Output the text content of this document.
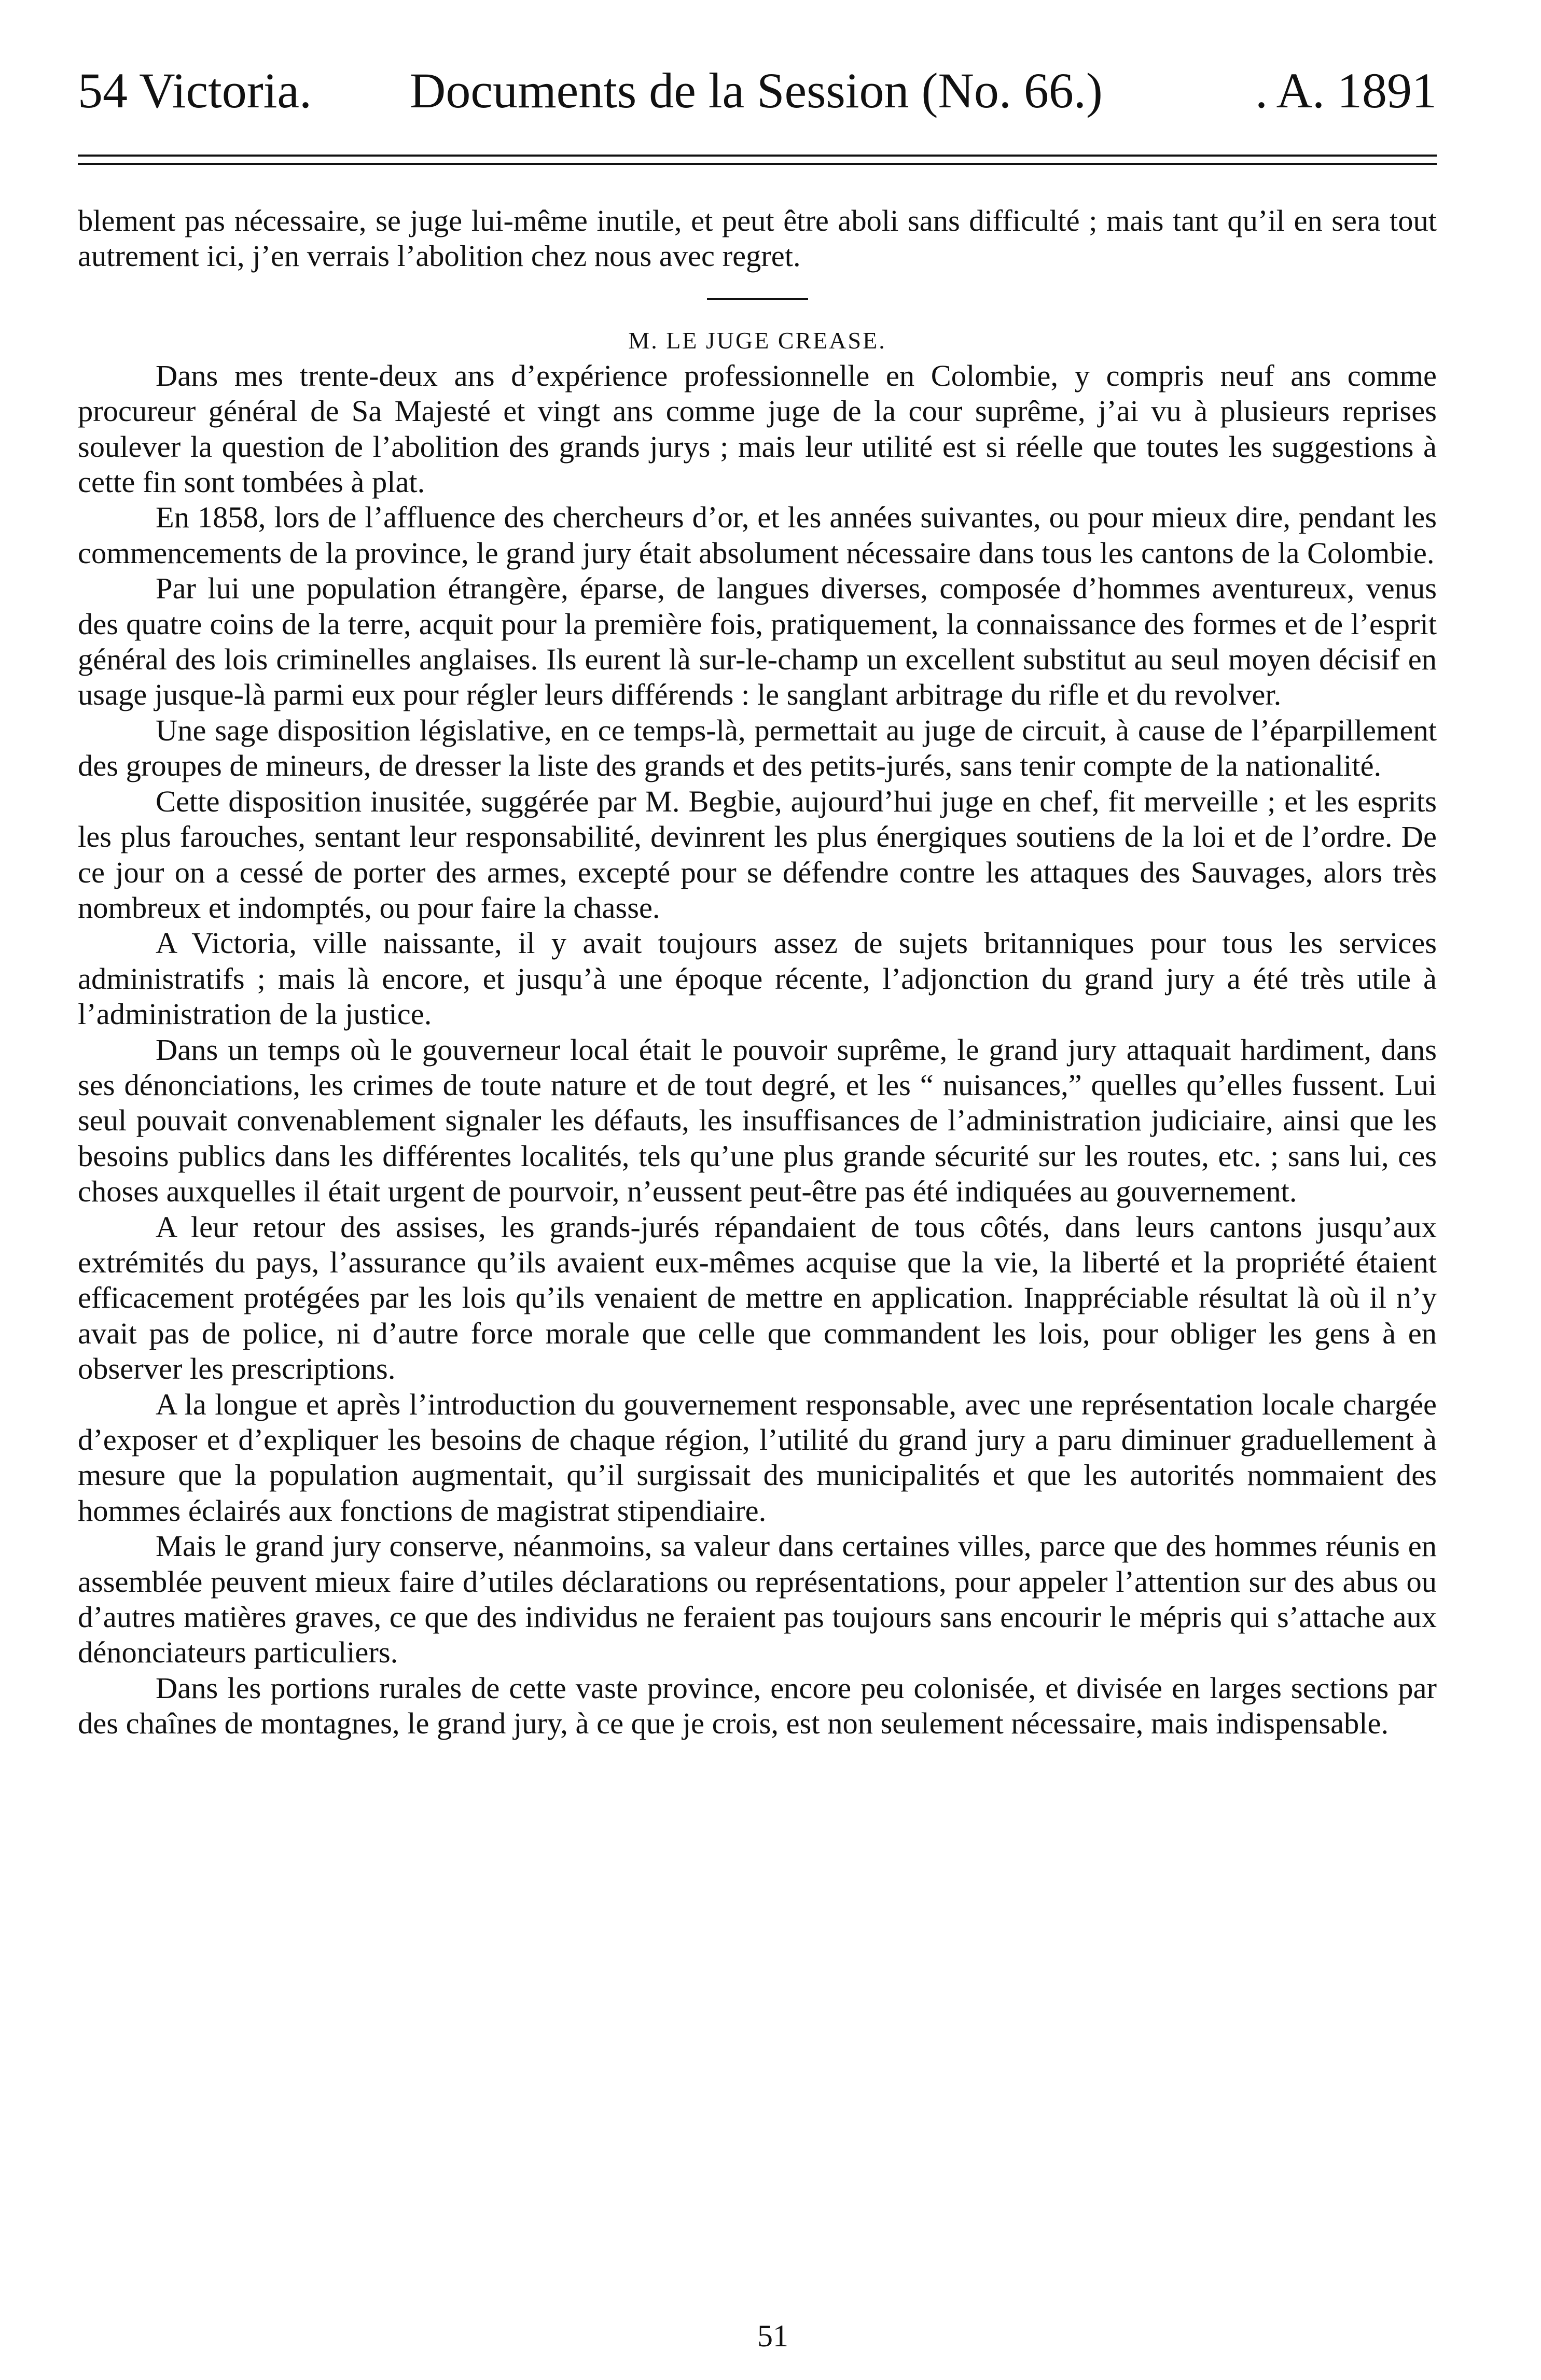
54 Victoria. Documents de la Session (No. 66.)	. A. 1891

blement pas nécessaire, se juge lui-même inutile, et peut être aboli sans difficulté ; mais tant qu’il en sera tout autrement ici, j’en verrais l’abolition chez nous avec regret.

M. LE JUGE CREASE.

Dans mes trente-deux ans d’expérience professionnelle en Colombie, y compris neuf ans comme procureur général de Sa Majesté et vingt ans comme juge de la cour suprême, j’ai vu à plusieurs reprises soulever la question de l’abolition des grands jurys ; mais leur utilité est si réelle que toutes les suggestions à cette fin sont tombées à plat.

En 1858, lors de l’affluence des chercheurs d’or, et les années suivantes, ou pour mieux dire, pendant les commencements de la province, le grand jury était absolument nécessaire dans tous les cantons de la Colombie.

Par lui une population étrangère, éparse, de langues diverses, composée d’hommes aventureux, venus des quatre coins de la terre, acquit pour la première fois, pratiquement, la connaissance des formes et de l’esprit général des lois criminelles anglaises. Ils eurent là sur-le-champ un excellent substitut au seul moyen décisif en usage jusque-là parmi eux pour régler leurs différends : le sanglant arbitrage du rifle et du revolver.

Une sage disposition législative, en ce temps-là, permettait au juge de circuit, à cause de l’éparpillement des groupes de mineurs, de dresser la liste des grands et des petits-jurés, sans tenir compte de la nationalité.

Cette disposition inusitée, suggérée par M. Begbie, aujourd’hui juge en chef, fit merveille ; et les esprits les plus farouches, sentant leur responsabilité, devinrent les plus énergiques soutiens de la loi et de l’ordre. De ce jour on a cessé de porter des armes, excepté pour se défendre contre les attaques des Sauvages, alors très nombreux et indomptés, ou pour faire la chasse.

A Victoria, ville naissante, il y avait toujours assez de sujets britanniques pour tous les services administratifs ; mais là encore, et jusqu’à une époque récente, l’adjonction du grand jury a été très utile à l’administration de la justice.

Dans un temps où le gouverneur local était le pouvoir suprême, le grand jury attaquait hardiment, dans ses dénonciations, les crimes de toute nature et de tout degré, et les “ nuisances,” quelles qu’elles fussent. Lui seul pouvait convenablement signaler les défauts, les insuffisances de l’administration judiciaire, ainsi que les besoins publics dans les différentes localités, tels qu’une plus grande sécurité sur les routes, etc. ; sans lui, ces choses auxquelles il était urgent de pourvoir, n’eussent peut-être pas été indiquées au gouvernement.

A leur retour des assises, les grands-jurés répandaient de tous côtés, dans leurs cantons jusqu’aux extrémités du pays, l’assurance qu’ils avaient eux-mêmes acquise que la vie, la liberté et la propriété étaient efficacement protégées par les lois qu’ils venaient de mettre en application. Inappréciable résultat là où il n’y avait pas de police, ni d’autre force morale que celle que commandent les lois, pour obliger les gens à en observer les prescriptions.

A la longue et après l’introduction du gouvernement responsable, avec une représentation locale chargée d’exposer et d’expliquer les besoins de chaque région, l’utilité du grand jury a paru diminuer graduellement à mesure que la population augmentait, qu’il surgissait des municipalités et que les autorités nommaient des hommes éclairés aux fonctions de magistrat stipendiaire.

Mais le grand jury conserve, néanmoins, sa valeur dans certaines villes, parce que des hommes réunis en assemblée peuvent mieux faire d’utiles déclarations ou représentations, pour appeler l’attention sur des abus ou d’autres matières graves, ce que des individus ne feraient pas toujours sans encourir le mépris qui s’attache aux dénonciateurs particuliers.

Dans les portions rurales de cette vaste province, encore peu colonisée, et divisée en larges sections par des chaînes de montagnes, le grand jury, à ce que je crois, est non seulement nécessaire, mais indispensable.

51
